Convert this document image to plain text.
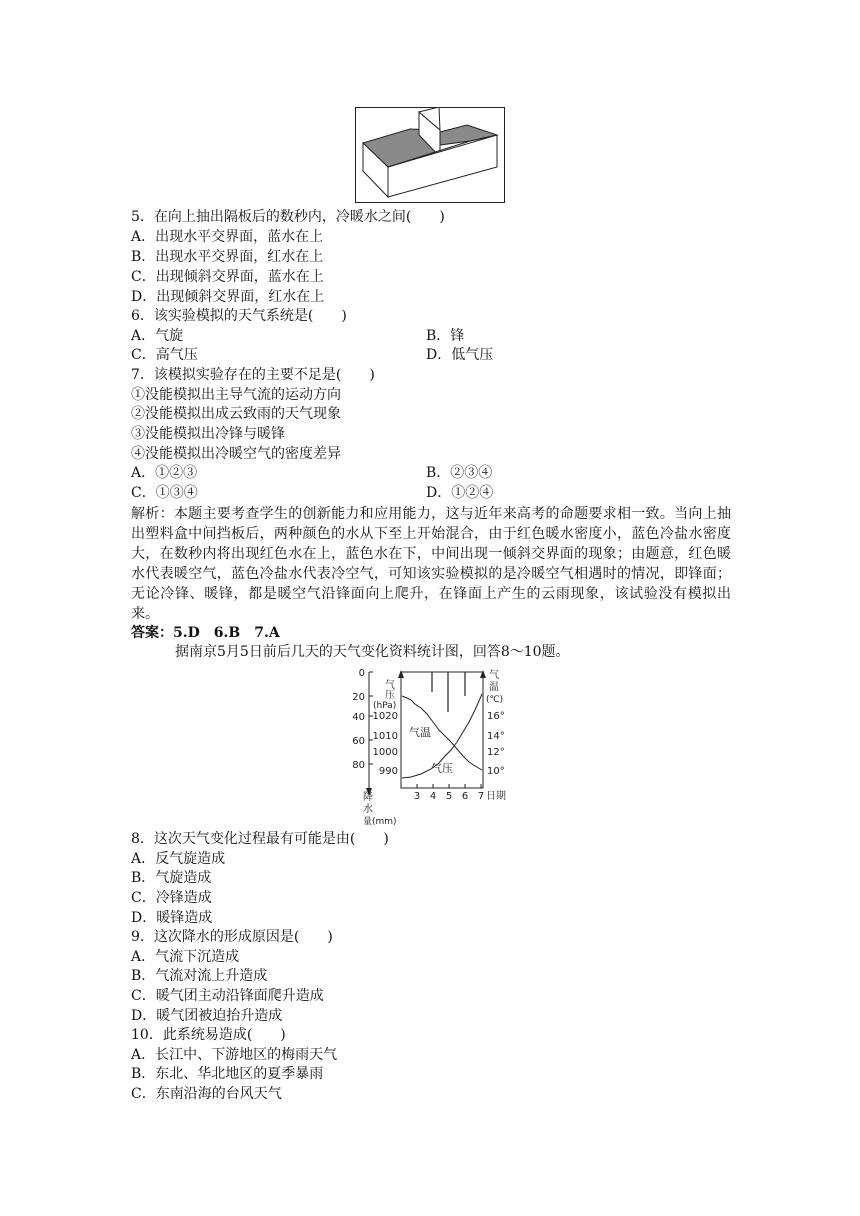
5．在向上抽出隔板后的数秒内，冷暖水之间(　　)
A．出现水平交界面，蓝水在上
B．出现水平交界面，红水在上
C．出现倾斜交界面，蓝水在上
D．出现倾斜交界面，红水在上
6．该实验模拟的天气系统是(　　)
A．气旋	B．锋
C．高气压	D．低气压
7．该模拟实验存在的主要不足是(　　)
①没能模拟出主导气流的运动方向
②没能模拟出成云致雨的天气现象
③没能模拟出冷锋与暖锋
④没能模拟出冷暖空气的密度差异
A．①②③	B．②③④
C．①③④	D．①②④
解析：本题主要考查学生的创新能力和应用能力，这与近年来高考的命题要求相一致。当向上抽出塑料盒中间挡板后，两种颜色的水从下至上开始混合，由于红色暖水密度小，蓝色冷盐水密度大，在数秒内将出现红色水在上，蓝色水在下，中间出现一倾斜交界面的现象；由题意，红色暖水代表暖空气，蓝色冷盐水代表冷空气，可知该实验模拟的是冷暖空气相遇时的情况，即锋面；无论冷锋、暖锋，都是暖空气沿锋面向上爬升，在锋面上产生的云雨现象，该试验没有模拟出来。
答案：5.D　6.B　7.A
据南京5月5日前后几天的天气变化资料统计图，回答8～10题。
0
20
40
60
80
降
水
量(mm)
气
压
(hPa)
1020
1010
1000
990
气温
气压
3 4 5 6 7 日期
气
温
(℃)
16°
14°
12°
10°
8．这次天气变化过程最有可能是由(　　)
A．反气旋造成
B．气旋造成
C．冷锋造成
D．暖锋造成
9．这次降水的形成原因是(　　)
A．气流下沉造成
B．气流对流上升造成
C．暖气团主动沿锋面爬升造成
D．暖气团被迫抬升造成
10．此系统易造成(　　)
A．长江中、下游地区的梅雨天气
B．东北、华北地区的夏季暴雨
C．东南沿海的台风天气
